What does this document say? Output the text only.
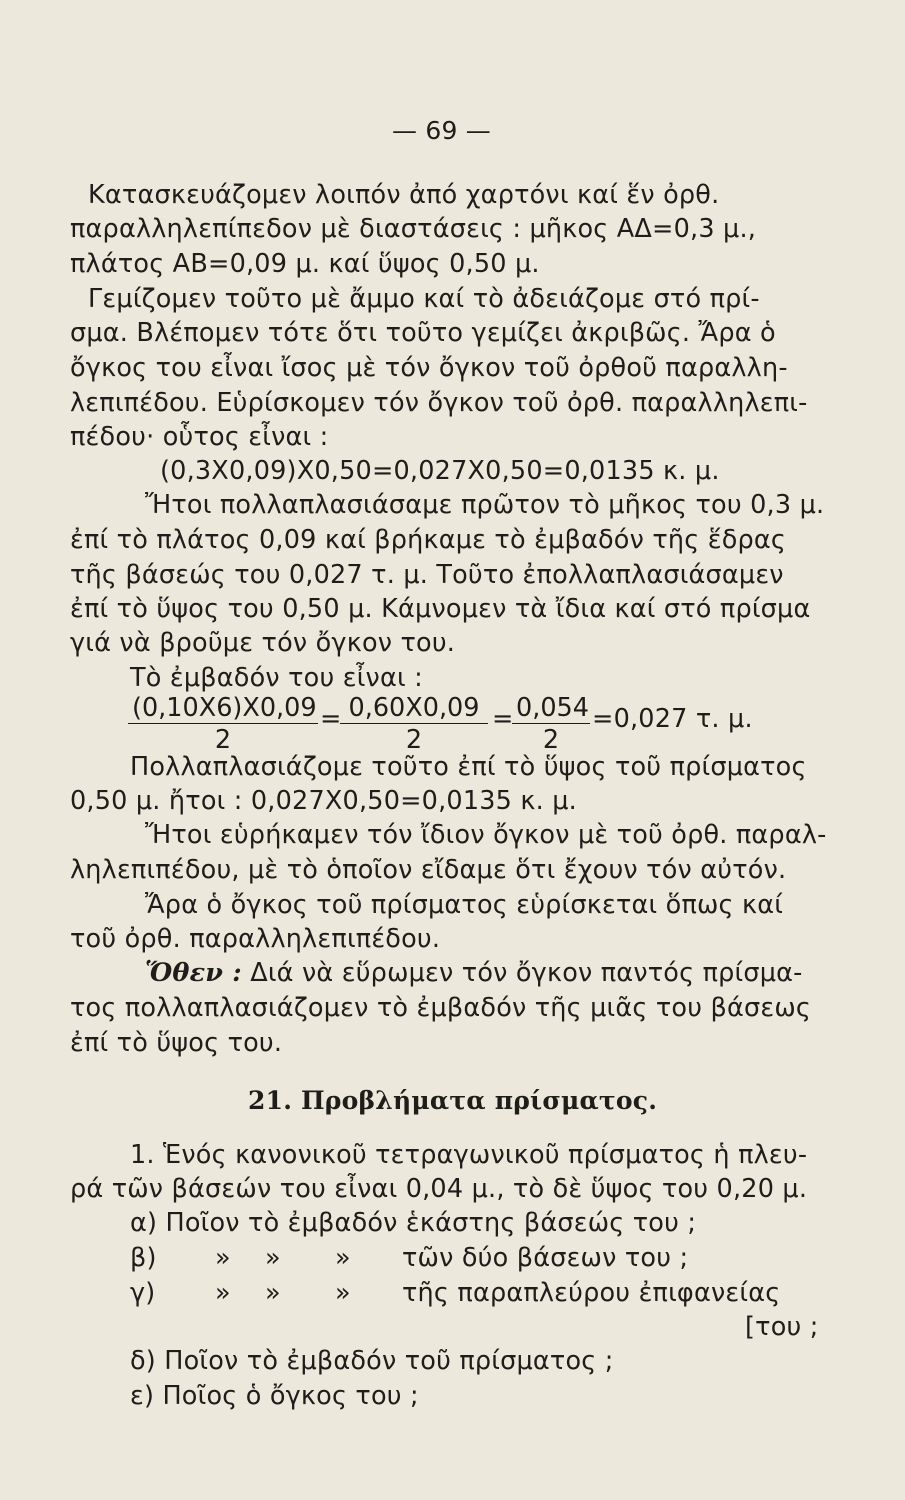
— 69 —
Κατασκευάζομεν λοιπόν ἀπό χαρτόνι καί ἕν ὀρθ.
παραλληλεπίπεδον μὲ διαστάσεις : μῆκος ΑΔ=0,3 μ.,
πλάτος ΑΒ=0,09 μ. καί ὕψος 0,50 μ.
Γεμίζομεν τοῦτο μὲ ἄμμο καί τὸ ἀδειάζομε στό πρί-
σμα. Βλέπομεν τότε ὅτι τοῦτο γεμίζει ἀκριβῶς. Ἄρα ὁ
ὄγκος του εἶναι ἴσος μὲ τόν ὄγκον τοῦ ὀρθοῦ παραλλη-
λεπιπέδου. Εὑρίσκομεν τόν ὄγκον τοῦ ὀρθ. παραλληλεπι-
πέδου· οὗτος εἶναι :
(0,3Χ0,09)Χ0,50=0,027Χ0,50=0,0135 κ. μ.
Ἤτοι πολλαπλασιάσαμε πρῶτον τὸ μῆκος του 0,3 μ.
ἐπί τὸ πλάτος 0,09 καί βρήκαμε τὸ ἐμβαδόν τῆς ἕδρας
τῆς βάσεώς του 0,027 τ. μ. Τοῦτο ἐπολλαπλασιάσαμεν
ἐπί τὸ ὕψος του 0,50 μ. Κάμνομεν τὰ ἴδια καί στό πρίσμα
γιά νὰ βροῦμε τόν ὄγκον του.
Τὸ ἐμβαδόν του εἶναι :
$\frac{(0,10X6)X0,09}{2}$ =
$\frac{0,60X0,09}{2}$ =
$\frac{0,054}{2} =0,027$ τ. μ.
Πολλαπλασιάζομε τοῦτο ἐπί τὸ ὕψος τοῦ πρίσματος
0,50 μ. ἤτοι : 0,027Χ0,50=0,0135 κ. μ.
Ἤτοι εὑρήκαμεν τόν ἴδιον ὄγκον μὲ τοῦ ὀρθ. παραλ-
ληλεπιπέδου, μὲ τὸ ὁποῖον εἴδαμε ὅτι ἔχουν τόν αὐτόν.
Ἄρα ὁ ὄγκος τοῦ πρίσματος εὑρίσκεται ὅπως καί
τοῦ ὀρθ. παραλληλεπιπέδου.
Ὅθεν : Διά νὰ εὕρωμεν τόν ὄγκον παντός πρίσμα-
τος πολλαπλασιάζομεν τὸ ἐμβαδόν τῆς μιᾶς του βάσεως
ἐπί τὸ ὕψος του.
21. Προβλήματα πρίσματος.
1. Ἑνός κανονικοῦ τετραγωνικοῦ πρίσματος ἡ πλευ-
ρά τῶν βάσεών του εἶναι 0,04 μ., τὸ δὲ ὕψος του 0,20 μ.
α) Ποῖον τὸ ἐμβαδόν ἑκάστης βάσεώς του ;
β) » » » τῶν δύο βάσεων του ;
γ) » » » τῆς παραπλεύρου ἐπιφανείας
[του ;
δ) Ποῖον τὸ ἐμβαδόν τοῦ πρίσματος ;
ε) Ποῖος ὁ ὄγκος του ;
